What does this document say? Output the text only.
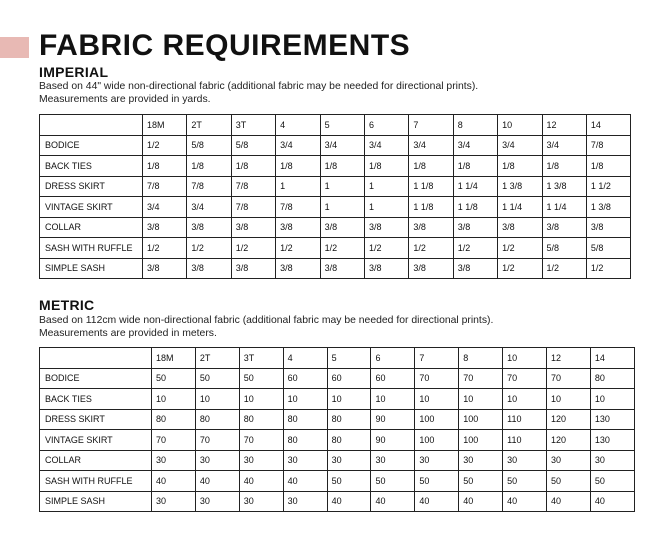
FABRIC REQUIREMENTS
IMPERIAL
Based on 44" wide non-directional fabric (additional fabric may be needed for directional prints).
Measurements are provided in yards.
	18M	2T	3T	4	5	6	7	8	10	12	14
BODICE	1/2	5/8	5/8	3/4	3/4	3/4	3/4	3/4	3/4	3/4	7/8
BACK TIES	1/8	1/8	1/8	1/8	1/8	1/8	1/8	1/8	1/8	1/8	1/8
DRESS SKIRT	7/8	7/8	7/8	1	1	1	1 1/8	1 1/4	1 3/8	1 3/8	1 1/2
VINTAGE SKIRT	3/4	3/4	7/8	7/8	1	1	1 1/8	1 1/8	1 1/4	1 1/4	1 3/8
COLLAR	3/8	3/8	3/8	3/8	3/8	3/8	3/8	3/8	3/8	3/8	3/8
SASH WITH RUFFLE	1/2	1/2	1/2	1/2	1/2	1/2	1/2	1/2	1/2	5/8	5/8
SIMPLE SASH	3/8	3/8	3/8	3/8	3/8	3/8	3/8	3/8	1/2	1/2	1/2
METRIC
Based on 112cm wide non-directional fabric (additional fabric may be needed for directional prints).
Measurements are provided in meters.
	18M	2T	3T	4	5	6	7	8	10	12	14
BODICE	50	50	50	60	60	60	70	70	70	70	80
BACK TIES	10	10	10	10	10	10	10	10	10	10	10
DRESS SKIRT	80	80	80	80	80	90	100	100	110	120	130
VINTAGE SKIRT	70	70	70	80	80	90	100	100	110	120	130
COLLAR	30	30	30	30	30	30	30	30	30	30	30
SASH WITH RUFFLE	40	40	40	40	50	50	50	50	50	50	50
SIMPLE SASH	30	30	30	30	40	40	40	40	40	40	40
